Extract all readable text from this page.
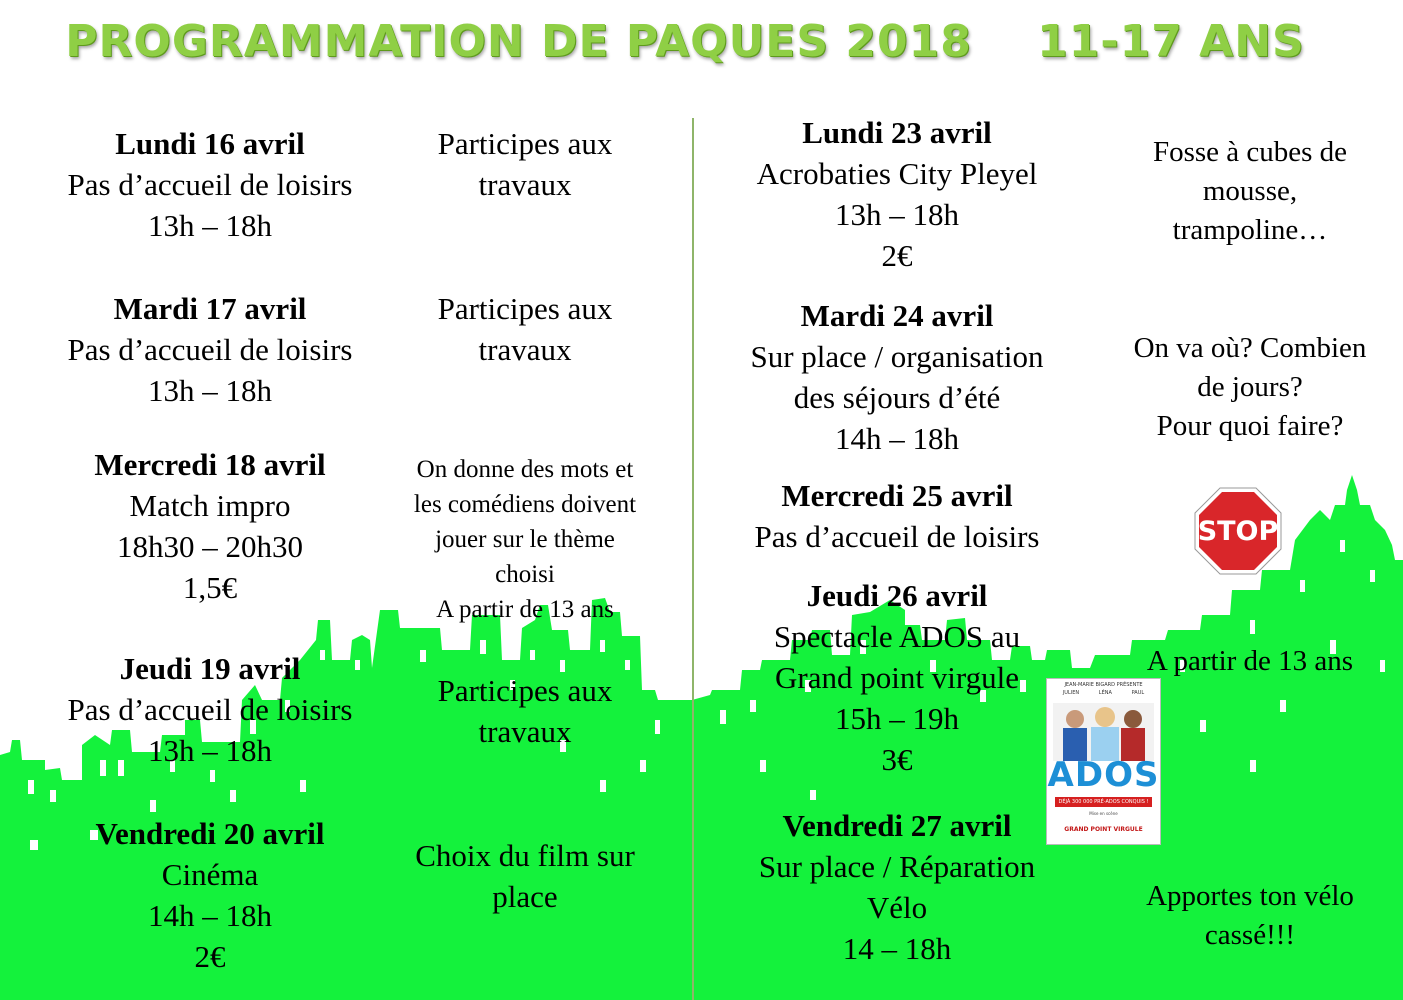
PROGRAMMATION DE PAQUES 2018    11-17 ANS
Lundi 16 avril
Pas d’accueil de loisirs
13h – 18h
Participes aux
travaux
Mardi 17 avril
Pas d’accueil de loisirs
13h – 18h
Participes aux
travaux
Mercredi 18 avril
Match impro
18h30 – 20h30
1,5€
On donne des mots et
les comédiens doivent
jouer sur le thème
choisi
A partir de 13 ans
Jeudi 19 avril
Pas d’accueil de loisirs
13h – 18h
Participes aux
travaux
Vendredi 20 avril
Cinéma
14h – 18h
2€
Choix du film sur
place
Lundi 23 avril
Acrobaties City Pleyel
13h – 18h
2€
Fosse à cubes de
mousse,
trampoline…
Mardi 24 avril
Sur place / organisation
des séjours d’été
14h – 18h
On va où? Combien
de jours?
Pour quoi faire?
Mercredi 25 avril
Pas d’accueil de loisirs
Jeudi 26 avril
Spectacle ADOS au
Grand point virgule
15h – 19h
3€
A partir de 13 ans
Vendredi 27 avril
Sur place / Réparation
Vélo
14 – 18h
Apportes ton vélo
cassé!!!
STOP
JEAN-MARIE BIGARD PRÉSENTE
JULIEN	LÉNA	PAUL
ADOS
DÉJÀ 300 000 PRÉ-ADOS CONQUIS !
Mise en scène
GRAND POINT VIRGULE
